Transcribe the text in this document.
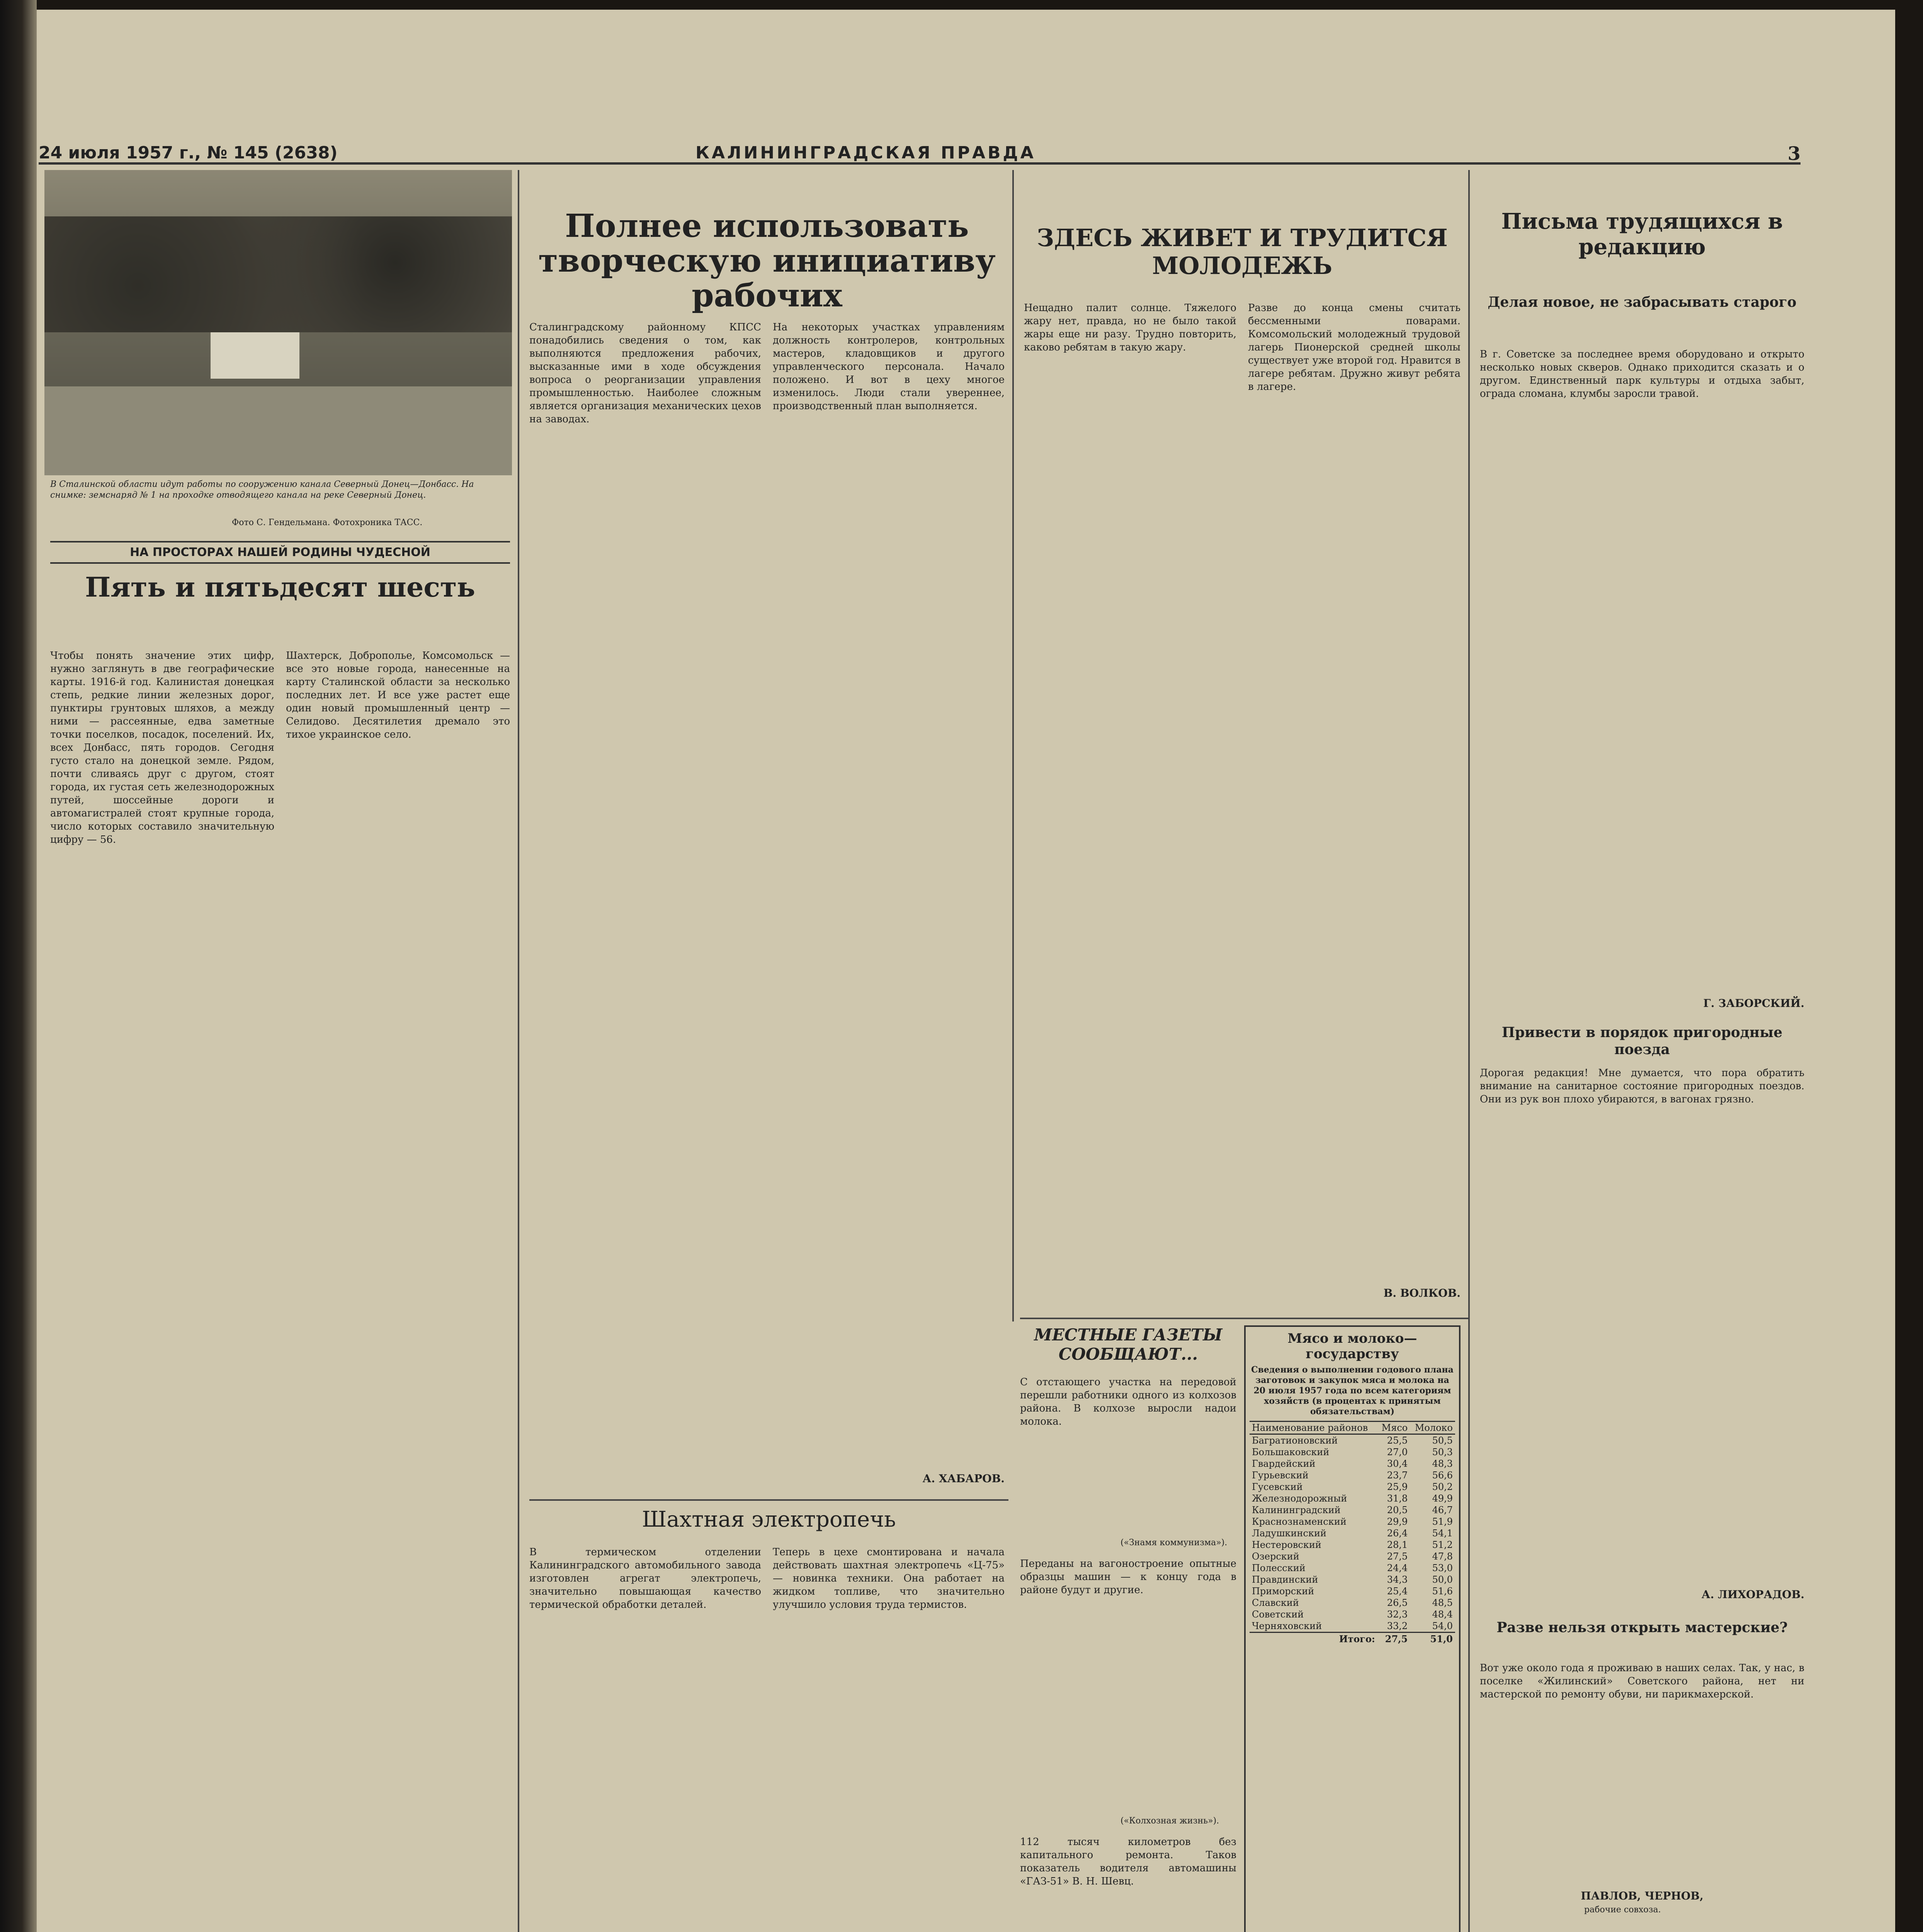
24 июля 1957 г., № 145 (2638)	КАЛИНИНГРАДСКАЯ ПРАВДА	3
В Сталинской области идут работы по сооружению канала Северный Донец—Донбасс. На снимке: земснаряд № 1 на проходке отводящего канала на реке Северный Донец.
Фото С. Гендельмана. Фотохроника ТАСС.
НА ПРОСТОРАХ НАШЕЙ РОДИНЫ ЧУДЕСНОЙ
Пять и пятьдесят шесть
Чтобы понять значение этих цифр, нужно заглянуть в две географические карты. 1916-й год. Калинистая донецкая степь, редкие линии железных дорог, пунктиры грунтовых шляхов, а между ними — рассеянные, едва заметные точки поселков, посадок, поселений. Их, всех Донбасс, пять городов. Сегодня густо стало на донецкой земле. Рядом, почти сливаясь друг с другом, стоят города, их густая сеть железнодорожных путей, шоссейные дороги и автомагистралей стоят крупные города, число которых составило значительную цифру — 56.
Шахтерск, Доброполье, Комсомольск — все это новые города, нанесенные на карту Сталинской области за несколько последних лет. И все уже растет еще один новый промышленный центр — Селидово. Десятилетия дремало это тихое украинское село.
Полнее использовать творческую инициативу рабочих
Сталинградскому районному КПСС понадобились сведения о том, как выполняются предложения рабочих, высказанные ими в ходе обсуждения вопроса о реорганизации управления промышленностью. Наиболее сложным является организация механических цехов на заводах.
На некоторых участках управлениям должность контролеров, контрольных мастеров, кладовщиков и другого управленческого персонала. Начало положено. И вот в цеху многое изменилось. Люди стали увереннее, производственный план выполняется.
А. ХАБАРОВ.
Шахтная электропечь
В термическом отделении Калининградского автомобильного завода изготовлен агрегат электропечь, значительно повышающая качество термической обработки деталей.
Теперь в цехе смонтирована и начала действовать шахтная электропечь «Ц-75» — новинка техники. Она работает на жидком топливе, что значительно улучшило условия труда термистов.
ЗДЕСЬ ЖИВЕТ И ТРУДИТСЯ МОЛОДЕЖЬ
Нещадно палит солнце. Тяжелого жару нет, правда, но не было такой жары еще ни разу. Трудно повторить, каково ребятам в такую жару.
Разве до конца смены считать бессменными поварами. Комсомольский молодежный трудовой лагерь Пионерской средней школы существует уже второй год. Нравится в лагере ребятам. Дружно живут ребята в лагере.
В. ВОЛКОВ.
МЕСТНЫЕ ГАЗЕТЫ СООБЩАЮТ...
С отстающего участка на передовой перешли работники одного из колхозов района. В колхозе выросли надои молока.
(«Знамя коммунизма»).
Переданы на вагоностроение опытные образцы машин — к концу года в районе будут и другие.
(«Колхозная жизнь»).
112 тысяч километров без капитального ремонта. Таков показатель водителя автомашины «ГАЗ-51» В. Н. Шевц.
Мясо и молоко—государству
Сведения о выполнении годового плана заготовок и закупок мяса и молока на 20 июля 1957 года по всем категориям хозяйств (в процентах к принятым обязательствам)
Наименование районов	Мясо	Молоко
Багратионовский	25,5	50,5
Большаковский	27,0	50,3
Гвардейский	30,4	48,3
Гурьевский	23,7	56,6
Гусевский	25,9	50,2
Железнодорожный	31,8	49,9
Калининградский	20,5	46,7
Краснознаменский	29,9	51,9
Ладушкинский	26,4	54,1
Нестеровский	28,1	51,2
Озерский	27,5	47,8
Полесский	24,4	53,0
Правдинский	34,3	50,0
Приморский	25,4	51,6
Славский	26,5	48,5
Советский	32,3	48,4
Черняховский	33,2	54,0
Итого:	27,5	51,0
Письма трудящихся в редакцию
Делая новое, не забрасывать старого
В г. Советске за последнее время оборудовано и открыто несколько новых скверов. Однако приходится сказать и о другом. Единственный парк культуры и отдыха забыт, ограда сломана, клумбы заросли травой.
Г. ЗАБОРСКИЙ.
Привести в порядок пригородные поезда
Дорогая редакция! Мне думается, что пора обратить внимание на санитарное состояние пригородных поездов. Они из рук вон плохо убираются, в вагонах грязно.
А. ЛИХОРАДОВ.
Разве нельзя открыть мастерские?
Вот уже около года я проживаю в наших селах. Так, у нас, в поселке «Жилинский» Советского района, нет ни мастерской по ремонту обуви, ни парикмахерской.
ПАВЛОВ, ЧЕРНОВ,
рабочие совхоза.
